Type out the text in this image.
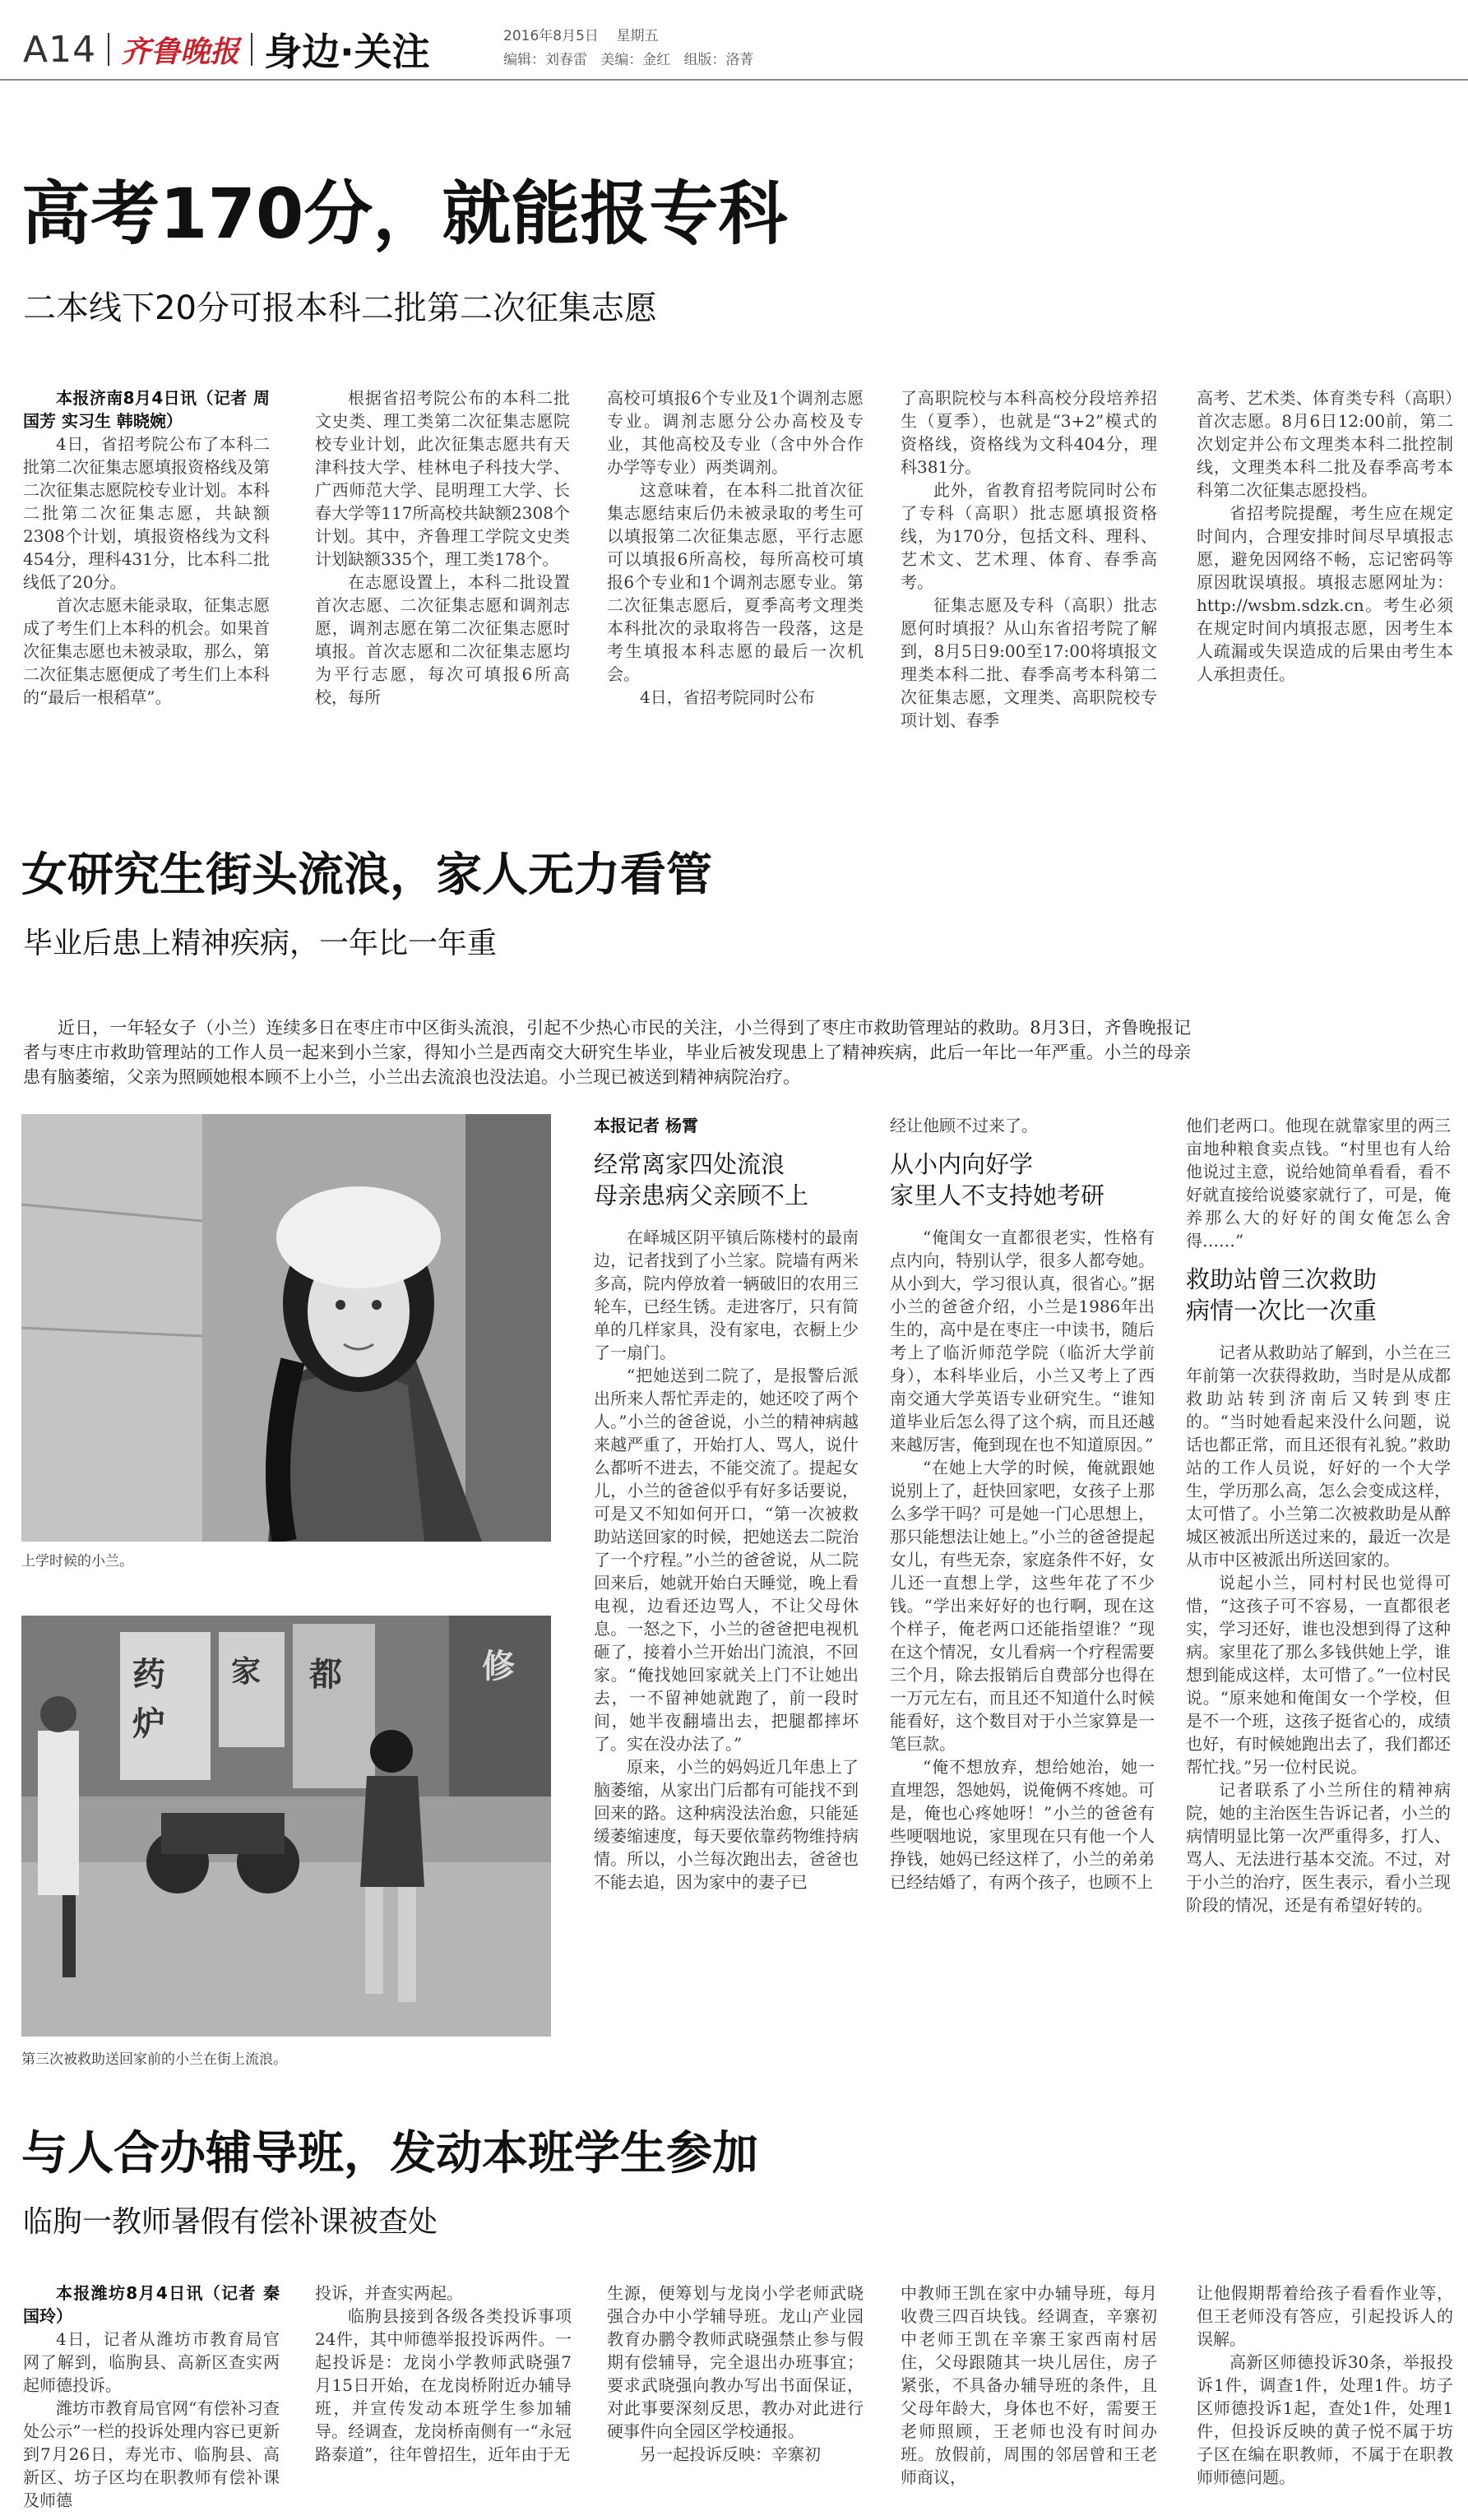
A14 齐鲁晚报 身边·关注	2016年8月5日 星期五
编辑：刘春雷 美编：金红 组版：洛菁
高考170分，就能报专科
二本线下20分可报本科二批第二次征集志愿
本报济南8月4日讯（记者 周国芳 实习生 韩晓婉）

4日，省招考院公布了本科二批第二次征集志愿填报资格线及第二次征集志愿院校专业计划。本科二批第二次征集志愿，共缺额2308个计划，填报资格线为文科454分，理科431分，比本科二批线低了20分。

首次志愿未能录取，征集志愿成了考生们上本科的机会。如果首次征集志愿也未被录取，那么，第二次征集志愿便成了考生们上本科的“最后一根稻草”。

根据省招考院公布的本科二批文史类、理工类第二次征集志愿院校专业计划，此次征集志愿共有天津科技大学、桂林电子科技大学、广西师范大学、昆明理工大学、长春大学等117所高校共缺额2308个计划。其中，齐鲁理工学院文史类计划缺额335个，理工类178个。

在志愿设置上，本科二批设置首次志愿、二次征集志愿和调剂志愿，调剂志愿在第二次征集志愿时填报。首次志愿和二次征集志愿均为平行志愿，每次可填报6所高校，每所

高校可填报6个专业及1个调剂志愿专业。调剂志愿分公办高校及专业，其他高校及专业（含中外合作办学等专业）两类调剂。

这意味着，在本科二批首次征集志愿结束后仍未被录取的考生可以填报第二次征集志愿，平行志愿可以填报6所高校，每所高校可填报6个专业和1个调剂志愿专业。第二次征集志愿后，夏季高考文理类本科批次的录取将告一段落，这是考生填报本科志愿的最后一次机会。

4日，省招考院同时公布

了高职院校与本科高校分段培养招生（夏季），也就是“3+2”模式的资格线，资格线为文科404分，理科381分。

此外，省教育招考院同时公布了专科（高职）批志愿填报资格线，为170分，包括文科、理科、艺术文、艺术理、体育、春季高考。

征集志愿及专科（高职）批志愿何时填报？从山东省招考院了解到，8月5日9:00至17:00将填报文理类本科二批、春季高考本科第二次征集志愿，文理类、高职院校专项计划、春季

高考、艺术类、体育类专科（高职）首次志愿。8月6日12:00前，第二次划定并公布文理类本科二批控制线，文理类本科二批及春季高考本科第二次征集志愿投档。

省招考院提醒，考生应在规定时间内，合理安排时间尽早填报志愿，避免因网络不畅，忘记密码等原因耽误填报。填报志愿网址为：http://wsbm.sdzk.cn。考生必须在规定时间内填报志愿，因考生本人疏漏或失误造成的后果由考生本人承担责任。

女研究生街头流浪，家人无力看管
毕业后患上精神疾病，一年比一年重

近日，一年轻女子（小兰）连续多日在枣庄市中区街头流浪，引起不少热心市民的关注，小兰得到了枣庄市救助管理站的救助。8月3日，齐鲁晚报记者与枣庄市救助管理站的工作人员一起来到小兰家，得知小兰是西南交大研究生毕业，毕业后被发现患上了精神疾病，此后一年比一年严重。小兰的母亲患有脑萎缩，父亲为照顾她根本顾不上小兰，小兰出去流浪也没法追。小兰现已被送到精神病院治疗。

上学时候的小兰。
药
炉
家 都	修
第三次被救助送回家前的小兰在街上流浪。
本报记者 杨霄
经常离家四处流浪
母亲患病父亲顾不上

在峄城区阴平镇后陈楼村的最南边，记者找到了小兰家。院墙有两米多高，院内停放着一辆破旧的农用三轮车，已经生锈。走进客厅，只有简单的几样家具，没有家电，衣橱上少了一扇门。

“把她送到二院了，是报警后派出所来人帮忙弄走的，她还咬了两个人。”小兰的爸爸说，小兰的精神病越来越严重了，开始打人、骂人，说什么都听不进去，不能交流了。提起女儿，小兰的爸爸似乎有好多话要说，可是又不知如何开口，“第一次被救助站送回家的时候，把她送去二院治了一个疗程。”小兰的爸爸说，从二院回来后，她就开始白天睡觉，晚上看电视，边看还边骂人，不让父母休息。一怒之下，小兰的爸爸把电视机砸了，接着小兰开始出门流浪，不回家。“俺找她回家就关上门不让她出去，一不留神她就跑了，前一段时间，她半夜翻墙出去，把腿都摔坏了。实在没办法了。”

原来，小兰的妈妈近几年患上了脑萎缩，从家出门后都有可能找不到回来的路。这种病没法治愈，只能延缓萎缩速度，每天要依靠药物维持病情。所以，小兰每次跑出去，爸爸也不能去追，因为家中的妻子已

经让他顾不过来了。

从小内向好学
家里人不支持她考研

“俺闺女一直都很老实，性格有点内向，特别认学，很多人都夸她。从小到大，学习很认真，很省心。”据小兰的爸爸介绍，小兰是1986年出生的，高中是在枣庄一中读书，随后考上了临沂师范学院（临沂大学前身），本科毕业后，小兰又考上了西南交通大学英语专业研究生。“谁知道毕业后怎么得了这个病，而且还越来越厉害，俺到现在也不知道原因。”

“在她上大学的时候，俺就跟她说别上了，赶快回家吧，女孩子上那么多学干吗？可是她一门心思想上，那只能想法让她上。”小兰的爸爸提起女儿，有些无奈，家庭条件不好，女儿还一直想上学，这些年花了不少钱。“学出来好好的也行啊，现在这个样子，俺老两口还能指望谁？”现在这个情况，女儿看病一个疗程需要三个月，除去报销后自费部分也得在一万元左右，而且还不知道什么时候能看好，这个数目对于小兰家算是一笔巨款。

“俺不想放弃，想给她治，她一直埋怨，怨她妈，说俺俩不疼她。可是，俺也心疼她呀！”小兰的爸爸有些哽咽地说，家里现在只有他一个人挣钱，她妈已经这样了，小兰的弟弟已经结婚了，有两个孩子，也顾不上

他们老两口。他现在就靠家里的两三亩地种粮食卖点钱。“村里也有人给他说过主意，说给她简单看看，看不好就直接给说婆家就行了，可是，俺养那么大的好好的闺女俺怎么舍得……”

救助站曾三次救助
病情一次比一次重

记者从救助站了解到，小兰在三年前第一次获得救助，当时是从成都救助站转到济南后又转到枣庄的。“当时她看起来没什么问题，说话也都正常，而且还很有礼貌。”救助站的工作人员说，好好的一个大学生，学历那么高，怎么会变成这样，太可惜了。小兰第二次被救助是从醉城区被派出所送过来的，最近一次是从市中区被派出所送回家的。

说起小兰，同村村民也觉得可惜，“这孩子可不容易，一直都很老实，学习还好，谁也没想到得了这种病。家里花了那么多钱供她上学，谁想到能成这样，太可惜了。”一位村民说。“原来她和俺闺女一个学校，但是不一个班，这孩子挺省心的，成绩也好，有时候她跑出去了，我们都还帮忙找。”另一位村民说。

记者联系了小兰所住的精神病院，她的主治医生告诉记者，小兰的病情明显比第一次严重得多，打人、骂人、无法进行基本交流。不过，对于小兰的治疗，医生表示，看小兰现阶段的情况，还是有希望好转的。

与人合办辅导班，发动本班学生参加
临朐一教师暑假有偿补课被查处
本报潍坊8月4日讯（记者 秦国玲）

4日，记者从潍坊市教育局官网了解到，临朐县、高新区查实两起师德投诉。

潍坊市教育局官网“有偿补习查处公示”一栏的投诉处理内容已更新到7月26日，寿光市、临朐县、高新区、坊子区均在职教师有偿补课及师德

投诉，并查实两起。

临朐县接到各级各类投诉事项24件，其中师德举报投诉两件。一起投诉是：龙岗小学教师武晓强7月15日开始，在龙岗桥附近办辅导班，并宣传发动本班学生参加辅导。经调查，龙岗桥南侧有一“永冠路泰道”，往年曾招生，近年由于无

生源，便筹划与龙岗小学老师武晓强合办中小学辅导班。龙山产业园教育办鹏令教师武晓强禁止参与假期有偿辅导，完全退出办班事宜；要求武晓强向教办写出书面保证，对此事要深刻反思，教办对此进行硬事件向全园区学校通报。

另一起投诉反映：辛寨初

中教师王凯在家中办辅导班，每月收费三四百块钱。经调查，辛寨初中老师王凯在辛寨王家西南村居住，父母跟随其一块儿居住，房子紧张，不具备办辅导班的条件，且父母年龄大，身体也不好，需要王老师照顾，王老师也没有时间办班。放假前，周围的邻居曾和王老师商议，

让他假期帮着给孩子看看作业等，但王老师没有答应，引起投诉人的误解。

高新区师德投诉30条，举报投诉1件，调查1件，处理1件。坊子区师德投诉1起，查处1件，处理1件，但投诉反映的黄子悦不属于坊子区在编在职教师，不属于在职教师师德问题。
